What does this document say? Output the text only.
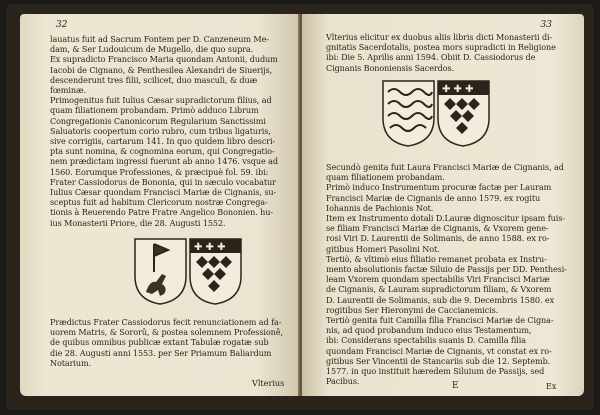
32
lauatus fuit ad Sacrum Fontem per D. Canzeneum Me-
dam, & Ser Ludouicum de Mugello, die quo supra.
Ex supradicto Francisco Maria quondam Antonii, dudum
Iacobi de Cignano, & Penthesilea Alexandri de Siuerijs,
descenderunt tres filii, scilicet, duo masculi, & duæ
fœminæ.
Primogenitus fuit Iulius Cæsar supradictorum filius, ad
quam filiationem probandam. Primò adduco Librum
Congregationis Canonicorum Regularium Sanctissimi
Saluatoris coopertum corio rubro, cum tribus ligaturis,
sive corrigiis, cartarum 141. In quo quidem libro descri-
pta sunt nomina, & cognomina eorum, qui Congregatio-
nem prædictam ingressi fuerunt ab anno 1476. vsque ad
1560. Eorumque Professiones, & præcipuè fol. 59. ibi:
Frater Cassiodorus de Bononia, qui in sæculo vocabatur
Iulius Cæsar quondam Francisci Mariæ de Cignanis, su-
sceptus fuit ad habitum Clericorum nostræ Congrega-
tionis à Reuerendo Patre Fratre Angelico Bononien. hu-
ius Monasterii Priore, die 28. Augusti 1552.
✚ ✚ ✚
Prædictus Frater Cassiodorus fecit renunciationem ad fa-
uorem Matris, & Sororû, & postea solemnem Professionê,
de quibus omnibus publicæ extant Tabulæ rogatæ sub
die 28. Augusti anni 1553. per Ser Priamum Baliardum
Notarium.
Vlterius
33
Vlterius elicitur ex duobus aliis libris dicti Monasterii di-
gnitatis Sacerdotalis, postea mors supradicti in Religione
ibi: Die 5. Aprilis anni 1594. Obiit D. Cassiodorus de
Cignanis Bononiensis Sacerdos.
✚ ✚ ✚
Secundò genita fuit Laura Francisci Mariæ de Cignanis, ad
quam filiationem probandam.
Primò induco Instrumentum procuræ factæ per Lauram
Francisci Mariæ de Cignanis de anno 1579. ex rogitu
Iohannis de Pachionis Not.
Item ex Instrumento dotali D.Lauræ dignoscitur ipsam fuis-
se filiam Francisci Mariæ de Cignanis, & Vxorem gene-
rosi Viri D. Laurentii de Solimanis, de anno 1588. ex ro-
gitibus Homeri Pasolini Not.
Tertiò, & vltimò eius filiatio remanet probata ex Instru-
mento absolutionis factæ Siluio de Passijs per DD. Penthesi-
leam Vxorem quondam spectabilis Viri Francisci Mariæ
de Cignanis, & Lauram supradictorum filiam, & Vxorem
D. Laurentii de Solimanis, sub die 9. Decembris 1580. ex
rogitibus Ser Hieronymi de Caccianemicis.
Tertiò genita fuit Camilla filia Francisci Mariæ de Cigna-
nis, ad quod probandum induco eius Testamentum,
ibi: Considerans spectabilis suanis D. Camilla filia
quondam Francisci Mariæ de Cignanis, vt constat ex ro-
gitibus Ser Vincentii de Stancariis sub die 12. Septemb.
1577. in quo instituit hæredem Siluium de Passijs, sed
Pacibus.	E	Ex
